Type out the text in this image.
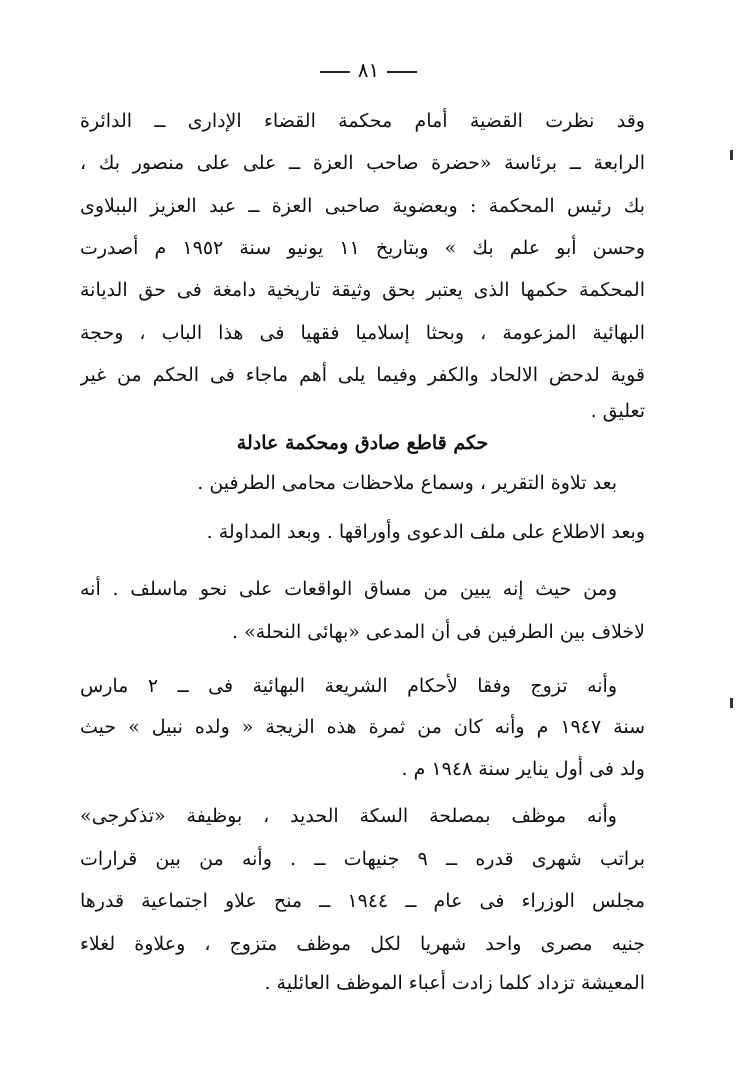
٨١
وقد نظرت القضية أمام محكمة القضاء الإدارى ــ الدائرة
الرابعة ــ برئاسة «حضرة صاحب العزة ــ على على منصور بك ،
بك رئيس المحكمة : وبعضوية صاحبى العزة ــ عبد العزيز الببلاوى
وحسن أبو علم بك » وبتاريخ ١١ يونيو سنة ١٩٥٢ م أصدرت
المحكمة حكمها الذى يعتبر بحق وثيقة تاريخية دامغة فى حق الديانة
البهائية المزعومة ، وبحثا إسلاميا فقهيا فى هذا الباب ، وحجة
قوية لدحض الالحاد والكفر وفيما يلى أهم ماجاء فى الحكم من غير
تعليق .
حكم قاطع صادق ومحكمة عادلة
بعد تلاوة التقرير ، وسماع ملاحظات محامى الطرفين .
وبعد الاطلاع على ملف الدعوى وأوراقها . وبعد المداولة .
ومن حيث إنه يبين من مساق الواقعات على نحو ماسلف . أنه
لاخلاف بين الطرفين فى أن المدعى «بهائى النحلة» .
وأنه تزوج وفقا لأحكام الشريعة البهائية فى ــ ٢ مارس
سنة ١٩٤٧ م وأنه كان من ثمرة هذه الزيجة « ولده نبيل » حيث
ولد فى أول يناير سنة ١٩٤٨ م .
وأنه موظف بمصلحة السكة الحديد ، بوظيفة «تذكرجى»
براتب شهرى قدره ــ ٩ جنيهات ــ . وأنه من بين قرارات
مجلس الوزراء فى عام ــ ١٩٤٤ ــ منح علاو اجتماعية قدرها
جنيه مصرى واحد شهريا لكل موظف متزوج ، وعلاوة لغلاء
المعيشة تزداد كلما زادت أعباء الموظف العائلية .
